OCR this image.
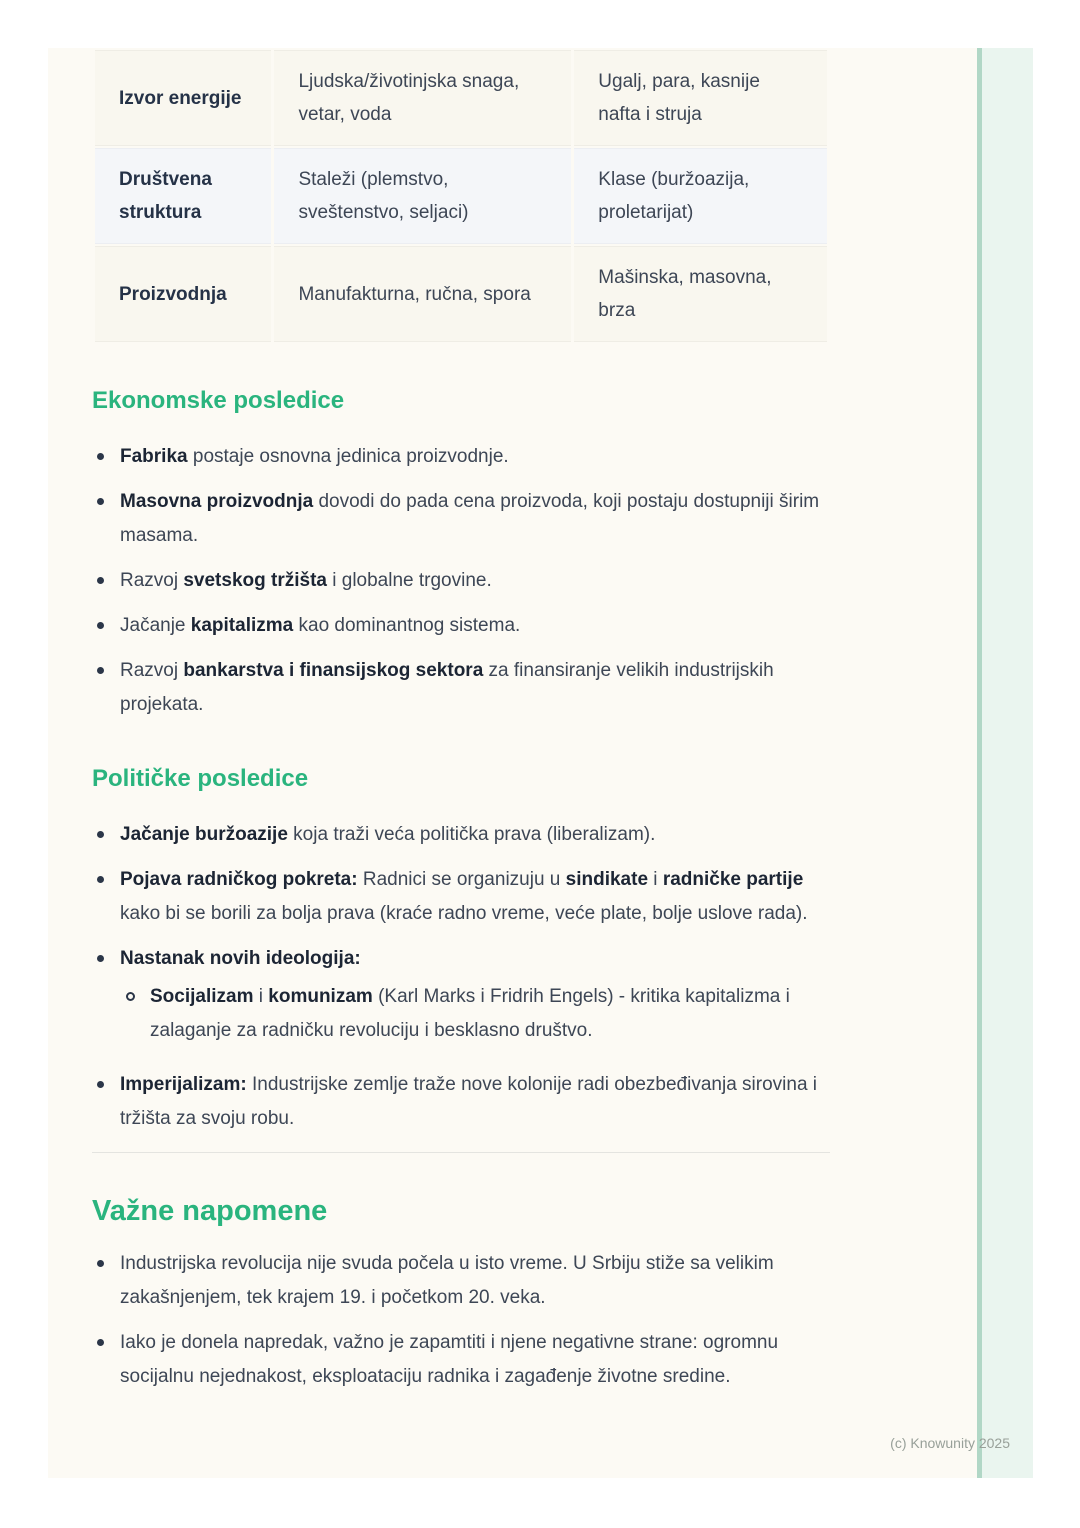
Izvor energije	Ljudska/životinjska snaga, vetar, voda	Ugalj, para, kasnije nafta i struja
Društvena struktura	Staleži (plemstvo, sveštenstvo, seljaci)	Klase (buržoazija, proletarijat)
Proizvodnja	Manufakturna, ručna, spora	Mašinska, masovna, brza
Ekonomske posledice
Fabrika postaje osnovna jedinica proizvodnje.
Masovna proizvodnja dovodi do pada cena proizvoda, koji postaju dostupniji širim masama.
Razvoj svetskog tržišta i globalne trgovine.
Jačanje kapitalizma kao dominantnog sistema.
Razvoj bankarstva i finansijskog sektora za finansiranje velikih industrijskih projekata.
Političke posledice
Jačanje buržoazije koja traži veća politička prava (liberalizam).
Pojava radničkog pokreta: Radnici se organizuju u sindikate i radničke partije kako bi se borili za bolja prava (kraće radno vreme, veće plate, bolje uslove rada).
Nastanak novih ideologija:
Socijalizam i komunizam (Karl Marks i Fridrih Engels) - kritika kapitalizma i zalaganje za radničku revoluciju i besklasno društvo.
Imperijalizam: Industrijske zemlje traže nove kolonije radi obezbeđivanja sirovina i tržišta za svoju robu.
Važne napomene
Industrijska revolucija nije svuda počela u isto vreme. U Srbiju stiže sa velikim zakašnjenjem, tek krajem 19. i početkom 20. veka.
Iako je donela napredak, važno je zapamtiti i njene negativne strane: ogromnu socijalnu nejednakost, eksploataciju radnika i zagađenje životne sredine.
(c) Knowunity 2025
